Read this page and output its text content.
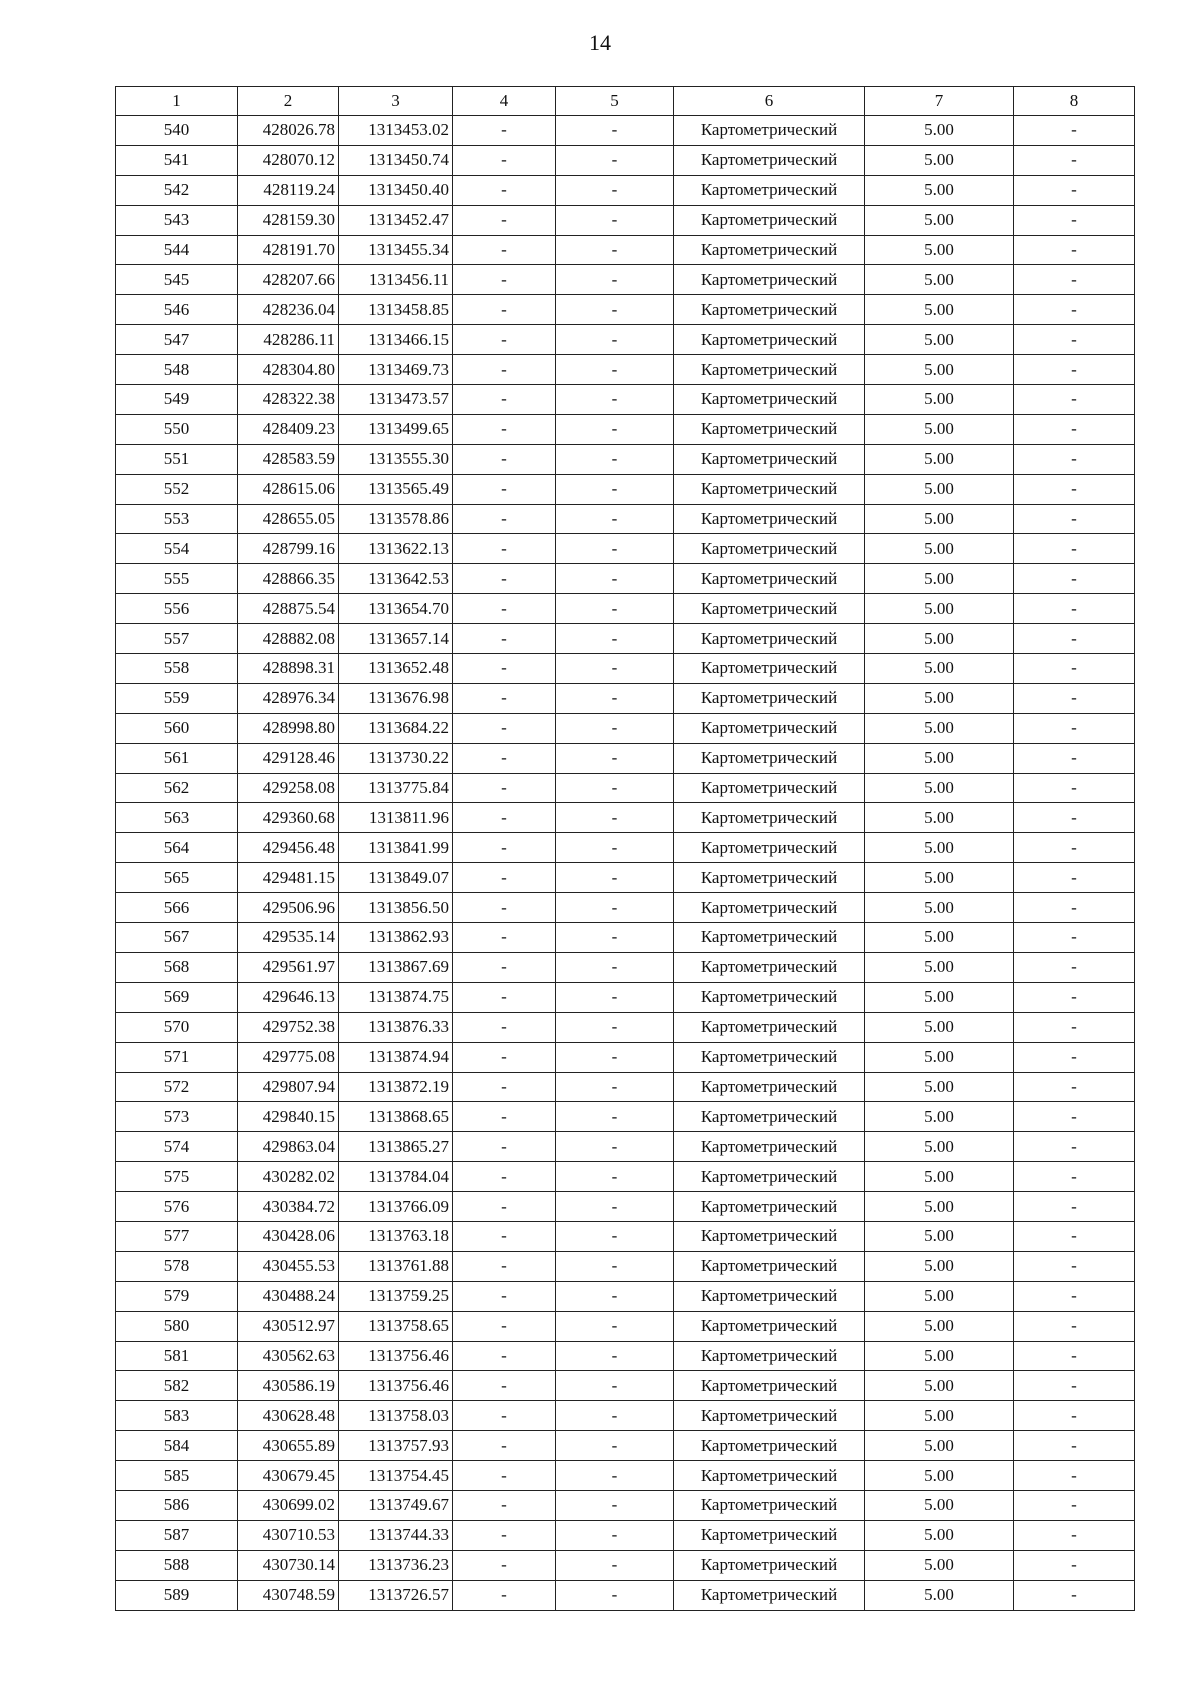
14
1	2	3	4	5	6	7	8
540	428026.78	1313453.02	-	-	Картометрический	5.00	-
541	428070.12	1313450.74	-	-	Картометрический	5.00	-
542	428119.24	1313450.40	-	-	Картометрический	5.00	-
543	428159.30	1313452.47	-	-	Картометрический	5.00	-
544	428191.70	1313455.34	-	-	Картометрический	5.00	-
545	428207.66	1313456.11	-	-	Картометрический	5.00	-
546	428236.04	1313458.85	-	-	Картометрический	5.00	-
547	428286.11	1313466.15	-	-	Картометрический	5.00	-
548	428304.80	1313469.73	-	-	Картометрический	5.00	-
549	428322.38	1313473.57	-	-	Картометрический	5.00	-
550	428409.23	1313499.65	-	-	Картометрический	5.00	-
551	428583.59	1313555.30	-	-	Картометрический	5.00	-
552	428615.06	1313565.49	-	-	Картометрический	5.00	-
553	428655.05	1313578.86	-	-	Картометрический	5.00	-
554	428799.16	1313622.13	-	-	Картометрический	5.00	-
555	428866.35	1313642.53	-	-	Картометрический	5.00	-
556	428875.54	1313654.70	-	-	Картометрический	5.00	-
557	428882.08	1313657.14	-	-	Картометрический	5.00	-
558	428898.31	1313652.48	-	-	Картометрический	5.00	-
559	428976.34	1313676.98	-	-	Картометрический	5.00	-
560	428998.80	1313684.22	-	-	Картометрический	5.00	-
561	429128.46	1313730.22	-	-	Картометрический	5.00	-
562	429258.08	1313775.84	-	-	Картометрический	5.00	-
563	429360.68	1313811.96	-	-	Картометрический	5.00	-
564	429456.48	1313841.99	-	-	Картометрический	5.00	-
565	429481.15	1313849.07	-	-	Картометрический	5.00	-
566	429506.96	1313856.50	-	-	Картометрический	5.00	-
567	429535.14	1313862.93	-	-	Картометрический	5.00	-
568	429561.97	1313867.69	-	-	Картометрический	5.00	-
569	429646.13	1313874.75	-	-	Картометрический	5.00	-
570	429752.38	1313876.33	-	-	Картометрический	5.00	-
571	429775.08	1313874.94	-	-	Картометрический	5.00	-
572	429807.94	1313872.19	-	-	Картометрический	5.00	-
573	429840.15	1313868.65	-	-	Картометрический	5.00	-
574	429863.04	1313865.27	-	-	Картометрический	5.00	-
575	430282.02	1313784.04	-	-	Картометрический	5.00	-
576	430384.72	1313766.09	-	-	Картометрический	5.00	-
577	430428.06	1313763.18	-	-	Картометрический	5.00	-
578	430455.53	1313761.88	-	-	Картометрический	5.00	-
579	430488.24	1313759.25	-	-	Картометрический	5.00	-
580	430512.97	1313758.65	-	-	Картометрический	5.00	-
581	430562.63	1313756.46	-	-	Картометрический	5.00	-
582	430586.19	1313756.46	-	-	Картометрический	5.00	-
583	430628.48	1313758.03	-	-	Картометрический	5.00	-
584	430655.89	1313757.93	-	-	Картометрический	5.00	-
585	430679.45	1313754.45	-	-	Картометрический	5.00	-
586	430699.02	1313749.67	-	-	Картометрический	5.00	-
587	430710.53	1313744.33	-	-	Картометрический	5.00	-
588	430730.14	1313736.23	-	-	Картометрический	5.00	-
589	430748.59	1313726.57	-	-	Картометрический	5.00	-
